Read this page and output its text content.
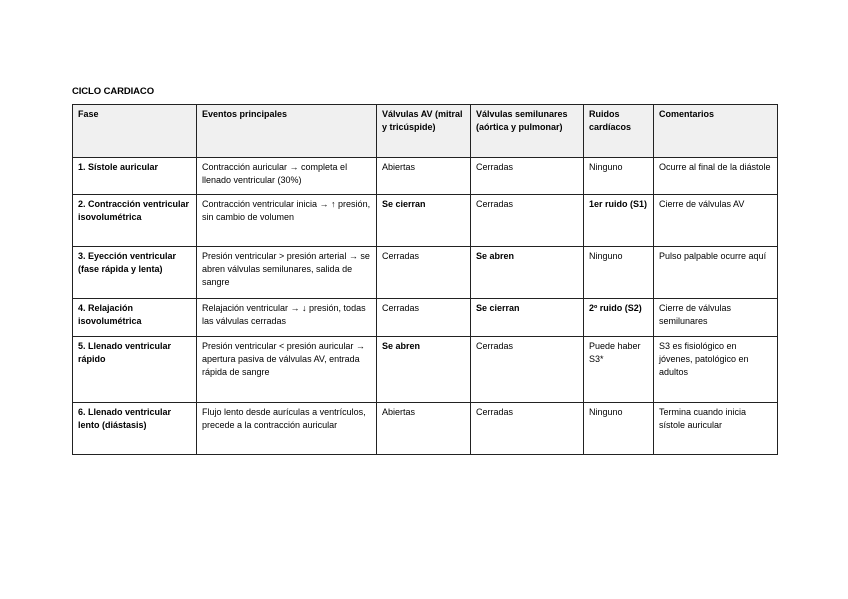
CICLO CARDIACO
Fase	Eventos principales	Válvulas AV (mitral y tricúspide)	Válvulas semilunares (aórtica y pulmonar)	Ruidos cardíacos	Comentarios
1. Sístole auricular	Contracción auricular → completa el llenado ventricular (30%)	Abiertas	Cerradas	Ninguno	Ocurre al final de la diástole
2. Contracción ventricular isovolumétrica	Contracción ventricular inicia → ↑ presión, sin cambio de volumen	Se cierran	Cerradas	1er ruido (S1)	Cierre de válvulas AV
3. Eyección ventricular (fase rápida y lenta)	Presión ventricular > presión arterial → se abren válvulas semilunares, salida de sangre	Cerradas	Se abren	Ninguno	Pulso palpable ocurre aquí
4. Relajación isovolumétrica	Relajación ventricular → ↓ presión, todas las válvulas cerradas	Cerradas	Se cierran	2º ruido (S2)	Cierre de válvulas semilunares
5. Llenado ventricular rápido	Presión ventricular < presión auricular → apertura pasiva de válvulas AV, entrada rápida de sangre	Se abren	Cerradas	Puede haber S3*	S3 es fisiológico en jóvenes, patológico en adultos
6. Llenado ventricular lento (diástasis)	Flujo lento desde aurículas a ventrículos, precede a la contracción auricular	Abiertas	Cerradas	Ninguno	Termina cuando inicia sístole auricular
